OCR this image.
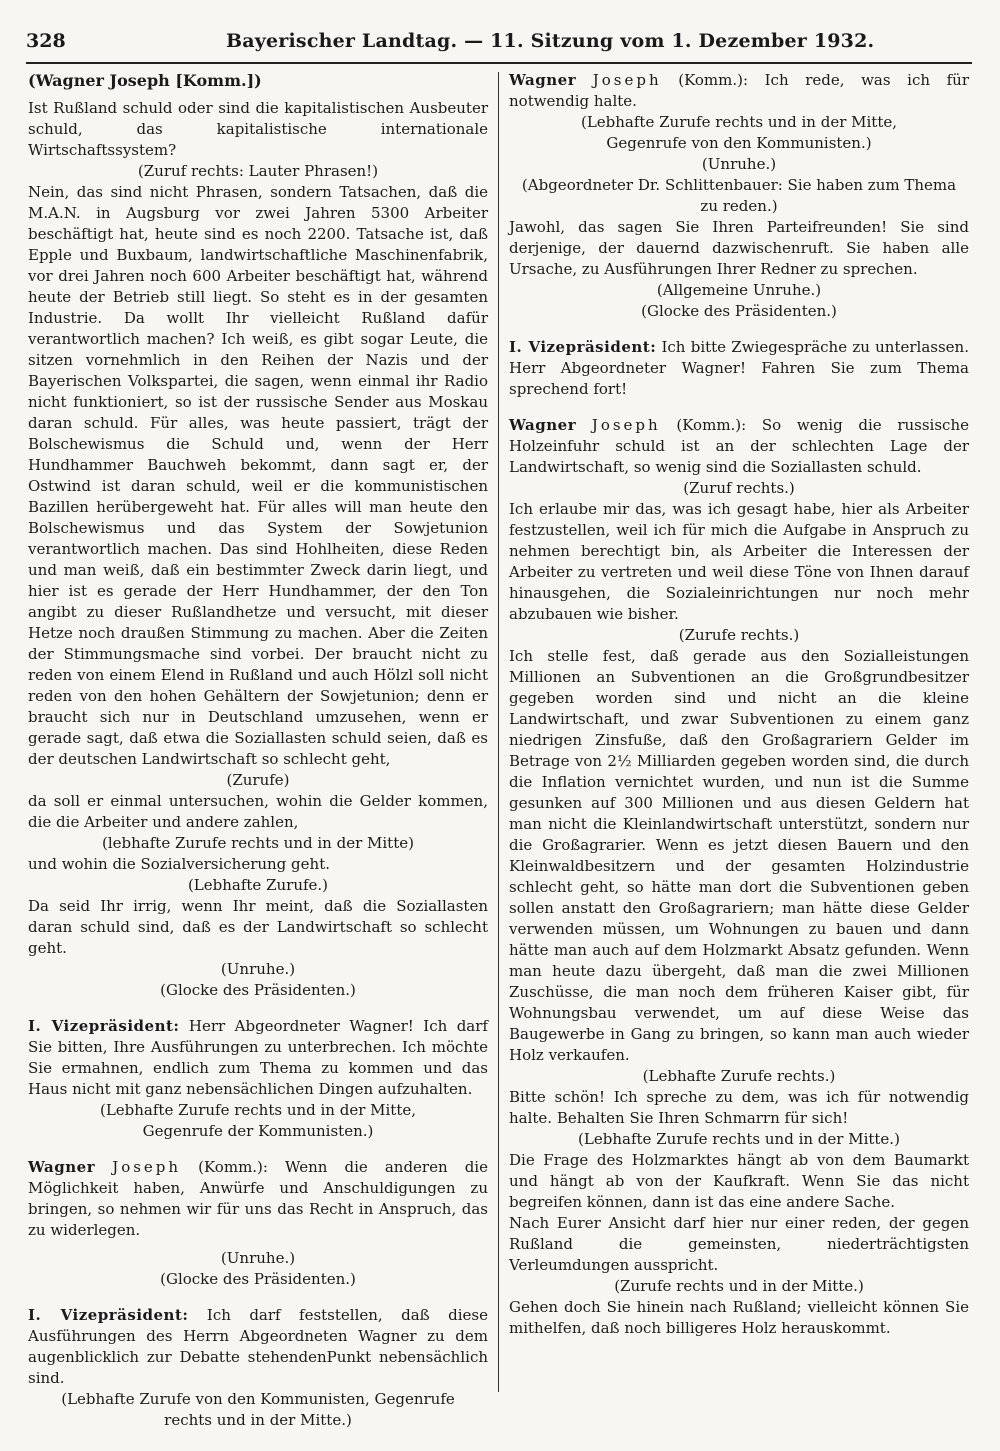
328	Bayerischer Landtag. — 11. Sitzung vom 1. Dezember 1932.

(Wagner Joseph [Komm.])

Ist Rußland schuld oder sind die kapitalistischen Ausbeuter schuld, das kapitalistische internationale Wirtschaftssystem?

(Zuruf rechts: Lauter Phrasen!)

Nein, das sind nicht Phrasen, sondern Tatsachen, daß die M.A.N. in Augsburg vor zwei Jahren 5300 Arbeiter beschäftigt hat, heute sind es noch 2200. Tatsache ist, daß Epple und Buxbaum, landwirtschaftliche Maschinenfabrik, vor drei Jahren noch 600 Arbeiter beschäftigt hat, während heute der Betrieb still liegt. So steht es in der gesamten Industrie. Da wollt Ihr vielleicht Rußland dafür verantwortlich machen? Ich weiß, es gibt sogar Leute, die sitzen vornehmlich in den Reihen der Nazis und der Bayerischen Volkspartei, die sagen, wenn einmal ihr Radio nicht funktioniert, so ist der russische Sender aus Moskau daran schuld. Für alles, was heute passiert, trägt der Bolschewismus die Schuld und, wenn der Herr Hundhammer Bauchweh bekommt, dann sagt er, der Ostwind ist daran schuld, weil er die kommunistischen Bazillen herübergeweht hat. Für alles will man heute den Bolschewismus und das System der Sowjetunion verantwortlich machen. Das sind Hohlheiten, diese Reden und man weiß, daß ein bestimmter Zweck darin liegt, und hier ist es gerade der Herr Hundhammer, der den Ton angibt zu dieser Rußlandhetze und versucht, mit dieser Hetze noch draußen Stimmung zu machen. Aber die Zeiten der Stimmungsmache sind vorbei. Der braucht nicht zu reden von einem Elend in Rußland und auch Hölzl soll nicht reden von den hohen Gehältern der Sowjetunion; denn er braucht sich nur in Deutschland umzusehen, wenn er gerade sagt, daß etwa die Soziallasten schuld seien, daß es der deutschen Landwirtschaft so schlecht geht,

(Zurufe)

da soll er einmal untersuchen, wohin die Gelder kommen, die die Arbeiter und andere zahlen,

(lebhafte Zurufe rechts und in der Mitte)

und wohin die Sozialversicherung geht.

(Lebhafte Zurufe.)

Da seid Ihr irrig, wenn Ihr meint, daß die Soziallasten daran schuld sind, daß es der Landwirtschaft so schlecht geht.

(Unruhe.)

(Glocke des Präsidenten.)

I. Vizepräsident: Herr Abgeordneter Wagner! Ich darf Sie bitten, Ihre Ausführungen zu unterbrechen. Ich möchte Sie ermahnen, endlich zum Thema zu kommen und das Haus nicht mit ganz nebensächlichen Dingen aufzuhalten.

(Lebhafte Zurufe rechts und in der Mitte,

Gegenrufe der Kommunisten.)

Wagner Joseph (Komm.): Wenn die anderen die Möglichkeit haben, Anwürfe und Anschuldigungen zu bringen, so nehmen wir für uns das Recht in Anspruch, das zu widerlegen.

(Unruhe.)

(Glocke des Präsidenten.)

I. Vizepräsident: Ich darf feststellen, daß diese Ausführungen des Herrn Abgeordneten Wagner zu dem augenblicklich zur Debatte stehendenPunkt nebensächlich sind.

(Lebhafte Zurufe von den Kommunisten, Gegenrufe

rechts und in der Mitte.)

Wagner Joseph (Komm.): Ich rede, was ich für notwendig halte.

(Lebhafte Zurufe rechts und in der Mitte,

Gegenrufe von den Kommunisten.)

(Unruhe.)

(Abgeordneter Dr. Schlittenbauer: Sie haben zum Thema

zu reden.)

Jawohl, das sagen Sie Ihren Parteifreunden! Sie sind derjenige, der dauernd dazwischenruft. Sie haben alle Ursache, zu Ausführungen Ihrer Redner zu sprechen.

(Allgemeine Unruhe.)

(Glocke des Präsidenten.)

I. Vizepräsident: Ich bitte Zwiegespräche zu unterlassen. Herr Abgeordneter Wagner! Fahren Sie zum Thema sprechend fort!

Wagner Joseph (Komm.): So wenig die russische Holzeinfuhr schuld ist an der schlechten Lage der Landwirtschaft, so wenig sind die Soziallasten schuld.

(Zuruf rechts.)

Ich erlaube mir das, was ich gesagt habe, hier als Arbeiter festzustellen, weil ich für mich die Aufgabe in Anspruch zu nehmen berechtigt bin, als Arbeiter die Interessen der Arbeiter zu vertreten und weil diese Töne von Ihnen darauf hinausgehen, die Sozialeinrichtungen nur noch mehr abzubauen wie bisher.

(Zurufe rechts.)

Ich stelle fest, daß gerade aus den Sozialleistungen Millionen an Subventionen an die Großgrundbesitzer gegeben worden sind und nicht an die kleine Landwirtschaft, und zwar Subventionen zu einem ganz niedrigen Zinsfuße, daß den Großagrariern Gelder im Betrage von 2½ Milliarden gegeben worden sind, die durch die Inflation vernichtet wurden, und nun ist die Summe gesunken auf 300 Millionen und aus diesen Geldern hat man nicht die Kleinlandwirtschaft unterstützt, sondern nur die Großagrarier. Wenn es jetzt diesen Bauern und den Kleinwaldbesitzern und der gesamten Holzindustrie schlecht geht, so hätte man dort die Subventionen geben sollen anstatt den Großagrariern; man hätte diese Gelder verwenden müssen, um Wohnungen zu bauen und dann hätte man auch auf dem Holzmarkt Absatz gefunden. Wenn man heute dazu übergeht, daß man die zwei Millionen Zuschüsse, die man noch dem früheren Kaiser gibt, für Wohnungsbau verwendet, um auf diese Weise das Baugewerbe in Gang zu bringen, so kann man auch wieder Holz verkaufen.

(Lebhafte Zurufe rechts.)

Bitte schön! Ich spreche zu dem, was ich für notwendig halte. Behalten Sie Ihren Schmarrn für sich!

(Lebhafte Zurufe rechts und in der Mitte.)

Die Frage des Holzmarktes hängt ab von dem Baumarkt und hängt ab von der Kaufkraft. Wenn Sie das nicht begreifen können, dann ist das eine andere Sache.

Nach Eurer Ansicht darf hier nur einer reden, der gegen Rußland die gemeinsten, niederträchtigsten Verleumdungen ausspricht.

(Zurufe rechts und in der Mitte.)

Gehen doch Sie hinein nach Rußland; vielleicht können Sie mithelfen, daß noch billigeres Holz herauskommt.
